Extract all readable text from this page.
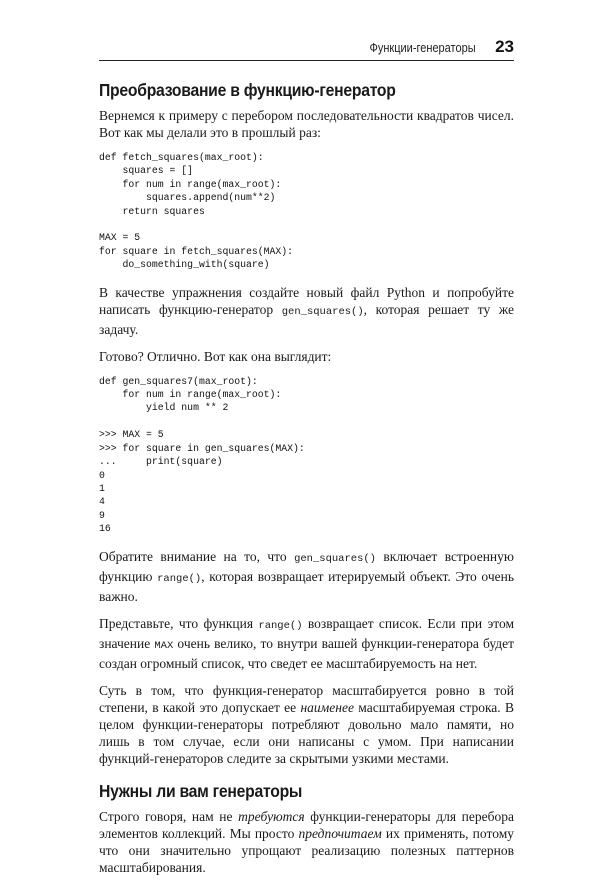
Функции-генераторы 23
Преобразование в функцию-генератор

Вернемся к примеру с перебором последовательности квадратов чисел. Вот как мы делали это в прошлый раз:

def fetch_squares(max_root):
squares = []
for num in range(max_root):
squares.append(num**2)
return squares

MAX = 5
for square in fetch_squares(MAX):
do_something_with(square)

В качестве упражнения создайте новый файл Python и попробуйте написать функцию-генератор gen_squares(), которая решает ту же задачу.

Готово? Отлично. Вот как она выглядит:

def gen_squares7(max_root):
for num in range(max_root):
yield num ** 2

>>> MAX = 5
>>> for square in gen_squares(MAX):
...     print(square)
0
1
4
9
16

Обратите внимание на то, что gen_squares() включает встроенную функцию range(), которая возвращает итерируемый объект. Это очень важно.

Представьте, что функция range() возвращает список. Если при этом значение MAX очень велико, то внутри вашей функции-генератора будет создан огромный список, что сведет ее масштабируемость на нет.

Суть в том, что функция-генератор масштабируется ровно в той степени, в какой это допускает ее наименее масштабируемая строка. В целом функции-генераторы потребляют довольно мало памяти, но лишь в том случае, если они написаны с умом. При написании функций-генераторов следите за скрытыми узкими местами.

Нужны ли вам генераторы

Строго говоря, нам не требуются функции-генераторы для перебора элементов коллекций. Мы просто предпочитаем их применять, потому что они значительно упрощают реализацию полезных паттернов масштабирования.
